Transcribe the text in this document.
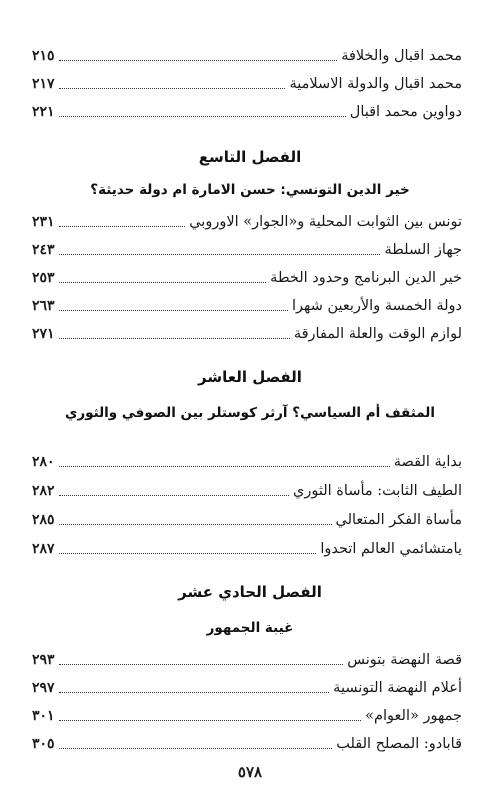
محمد اقبال والخلافة
٢١٥
محمد اقبال والدولة الاسلامية
٢١٧
دواوين محمد اقبال
٢٢١
الفصل التاسع
خير الدين التونسي: حسن الامارة ام دولة حديثة؟
تونس بين الثوابت المحلية و«الجوار» الاوروبي
٢٣١
جهاز السلطة
٢٤٣
خير الدين البرنامج وحدود الخطة
٢٥٣
دولة الخمسة والأربعين شهرا
٢٦٣
لوازم الوقت والعلة المفارقة
٢٧١
الفصل العاشر
المثقف أم السياسي؟ آرثر كوستلر بين الصوفي والثوري
بداية القصة
٢٨٠
الطيف الثابت: مأساة الثوري
٢٨٢
مأساة الفكر المتعالي
٢٨٥
يامتشائمي العالم اتحدوا
٢٨٧
الفصل الحادي عشر
غيبة الجمهور
قصة النهضة بتونس
٢٩٣
أعلام النهضة التونسية
٢٩٧
جمهور «العوام»
٣٠١
قابادو: المصلح القلب
٣٠٥
٥٧٨
